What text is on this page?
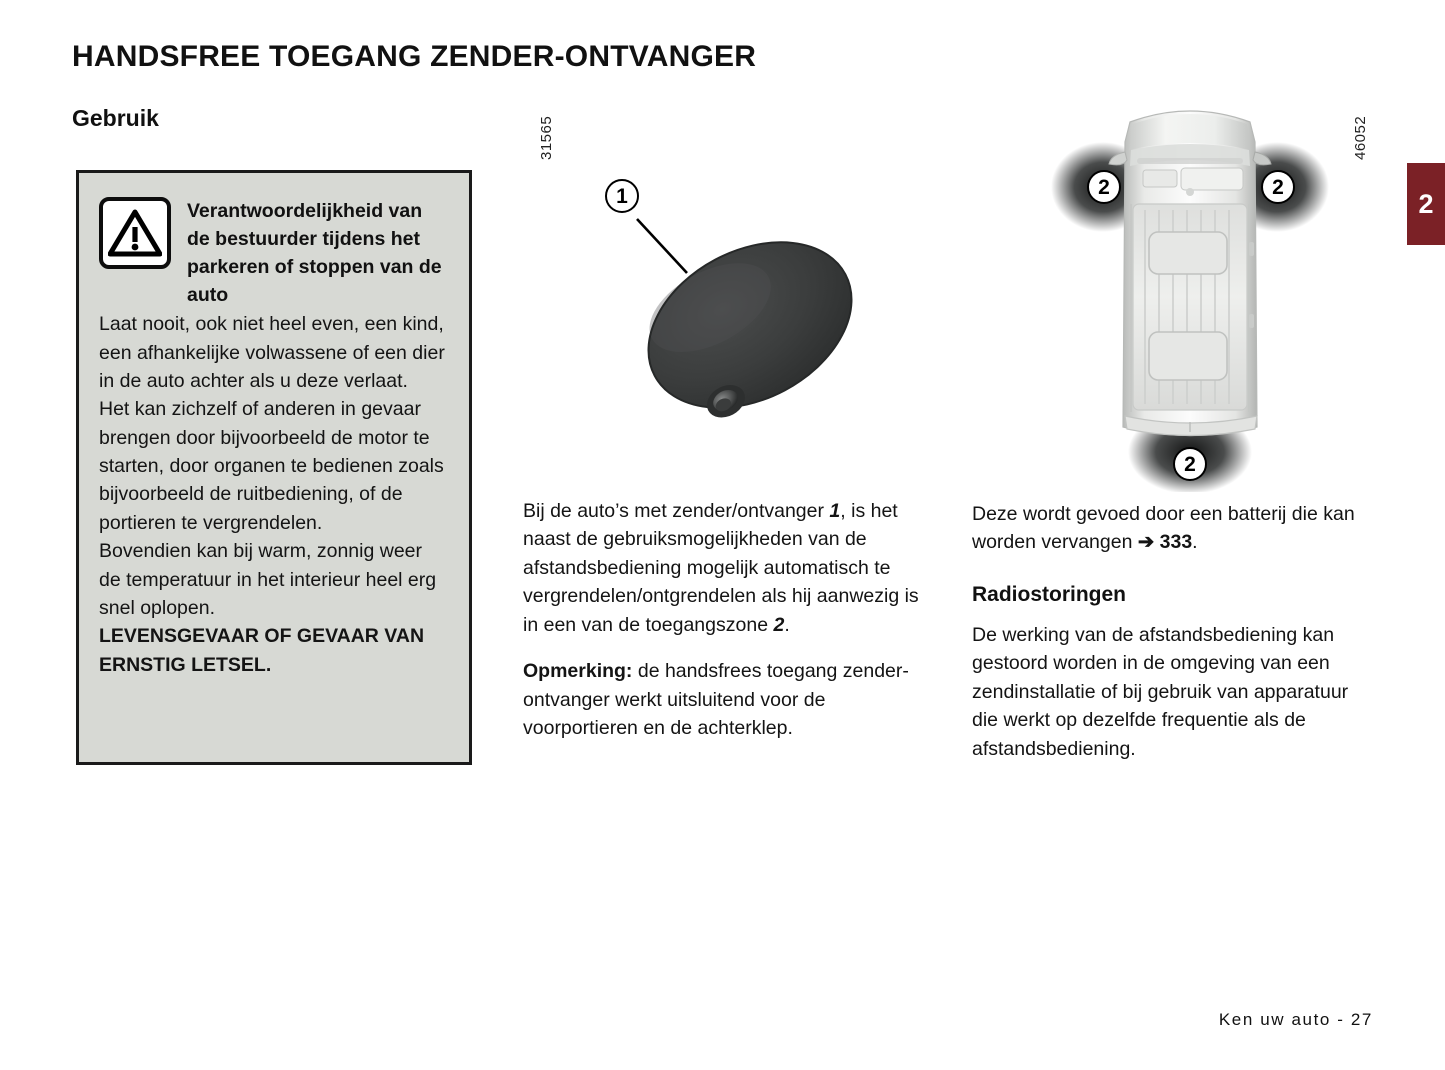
HANDSFREE TOEGANG ZENDER-ONTVANGER
Gebruik
Verantwoordelijkheid van de bestuurder tijdens het parkeren of stoppen van de auto

Laat nooit, ook niet heel even, een kind, een afhankelijke volwassene of een dier in de auto achter als u deze verlaat.

Het kan zichzelf of anderen in gevaar brengen door bijvoorbeeld de motor te starten, door organen te bedienen zoals bijvoorbeeld de ruitbediening, of de portieren te vergrendelen.

Bovendien kan bij warm, zonnig weer de temperatuur in het interieur heel erg snel oplopen.

LEVENSGEVAAR OF GEVAAR VAN ERNSTIG LETSEL.

31565
1

Bij de auto’s met zender/ontvanger 1, is het naast de gebruiksmogelijkheden van de afstandsbediening mogelijk automatisch te vergrendelen/ontgrendelen als hij aanwezig is in een van de toegangszone 2.

Opmerking: de handsfrees toegang zender-ontvanger werkt uitsluitend voor de voorportieren en de achterklep.

46052
2	2
2

Deze wordt gevoed door een batterij die kan worden vervangen ➔ 333.

Radiostoringen

De werking van de afstandsbediening kan gestoord worden in de omgeving van een zendinstallatie of bij gebruik van apparatuur die werkt op dezelfde frequentie als de afstandsbediening.

2
Ken uw auto - 27
